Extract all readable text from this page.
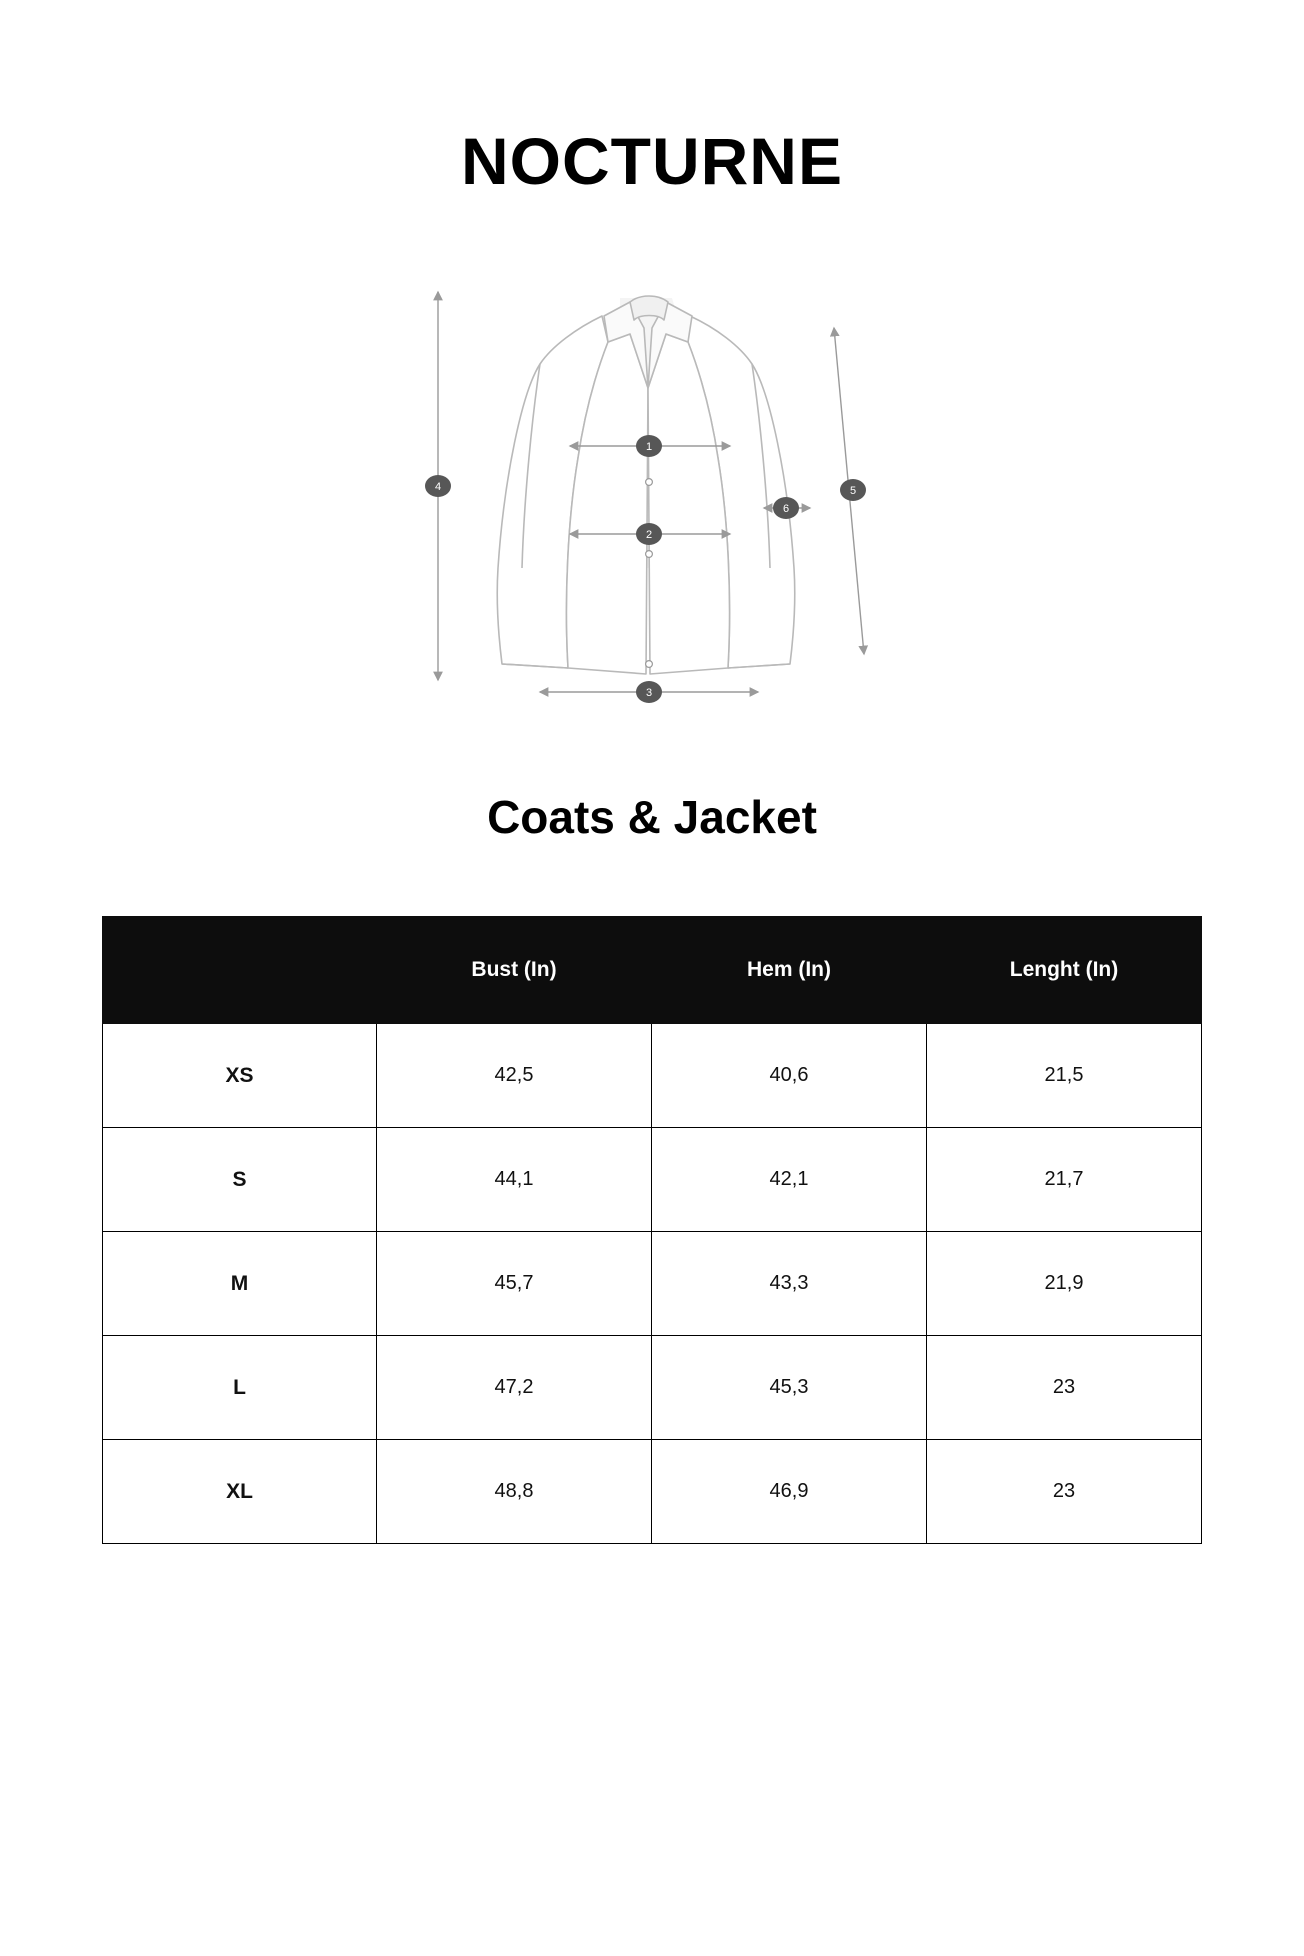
NOCTURNE
1
2
3
4	5
6
Coats & Jacket
	Bust (In)	Hem (In)	Lenght (In)
XS	42,5	40,6	21,5
S	44,1	42,1	21,7
M	45,7	43,3	21,9
L	47,2	45,3	23
XL	48,8	46,9	23
